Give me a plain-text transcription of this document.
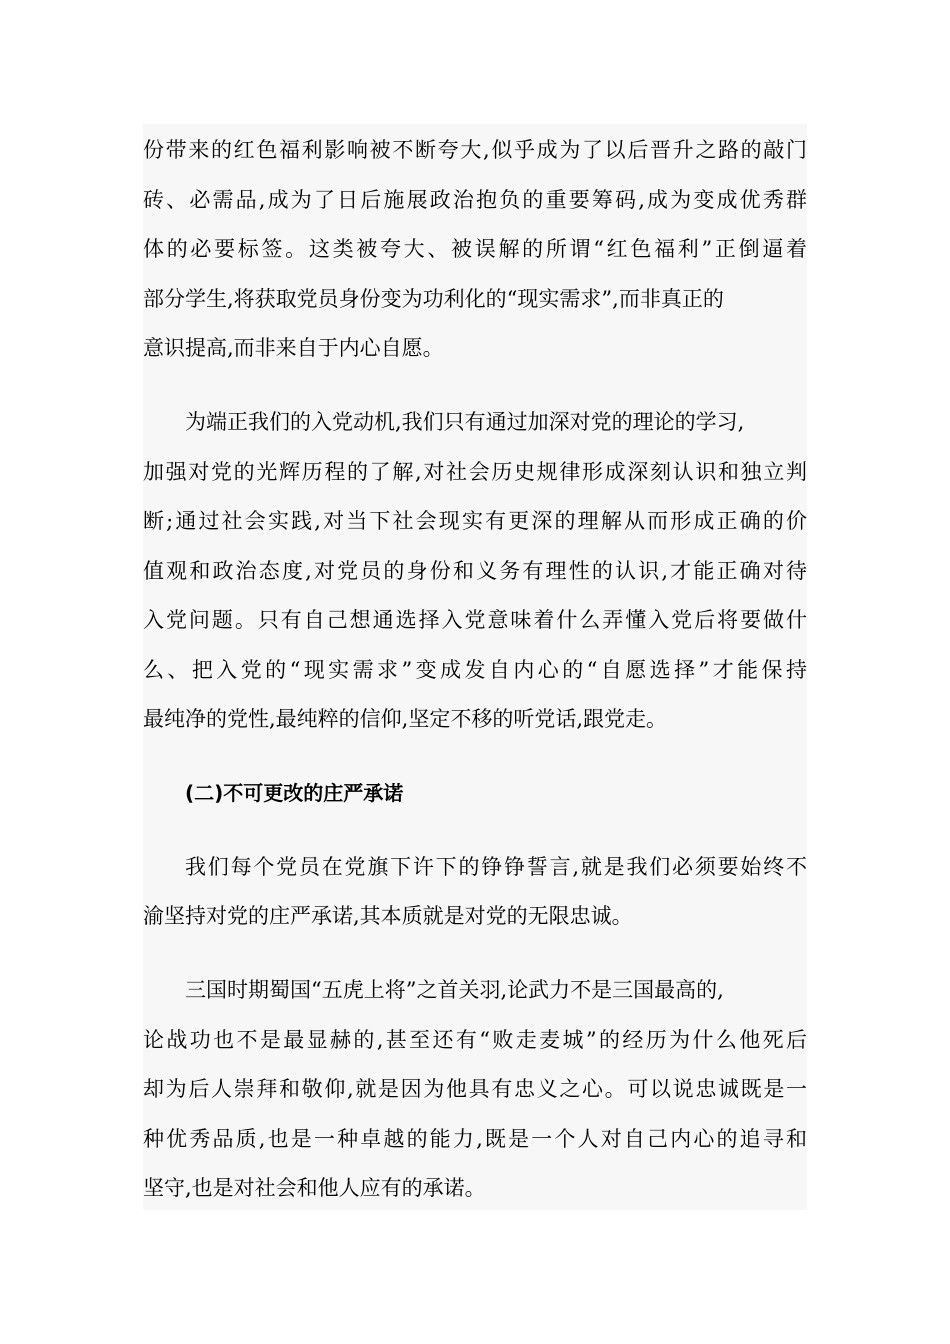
份带来的红色福利影响被不断夸大,似乎成为了以后晋升之路的敲门
砖、必需品,成为了日后施展政治抱负的重要筹码,成为变成优秀群
体的必要标签。这类被夸大、被误解的所谓“红色福利”正倒逼着
部分学生,将获取党员身份变为功利化的“现实需求”,而非真正的
意识提高,而非来自于内心自愿。
为端正我们的入党动机,我们只有通过加深对党的理论的学习,
加强对党的光辉历程的了解,对社会历史规律形成深刻认识和独立判
断;通过社会实践,对当下社会现实有更深的理解从而形成正确的价
值观和政治态度,对党员的身份和义务有理性的认识,才能正确对待
入党问题。只有自己想通选择入党意味着什么弄懂入党后将要做什
么、把入党的“现实需求”变成发自内心的“自愿选择”才能保持
最纯净的党性,最纯粹的信仰,坚定不移的听党话,跟党走。
(二)不可更改的庄严承诺
我们每个党员在党旗下许下的铮铮誓言,就是我们必须要始终不
渝坚持对党的庄严承诺,其本质就是对党的无限忠诚。
三国时期蜀国“五虎上将”之首关羽,论武力不是三国最高的,
论战功也不是最显赫的,甚至还有“败走麦城”的经历为什么他死后
却为后人崇拜和敬仰,就是因为他具有忠义之心。可以说忠诚既是一
种优秀品质,也是一种卓越的能力,既是一个人对自己内心的追寻和
坚守,也是对社会和他人应有的承诺。
